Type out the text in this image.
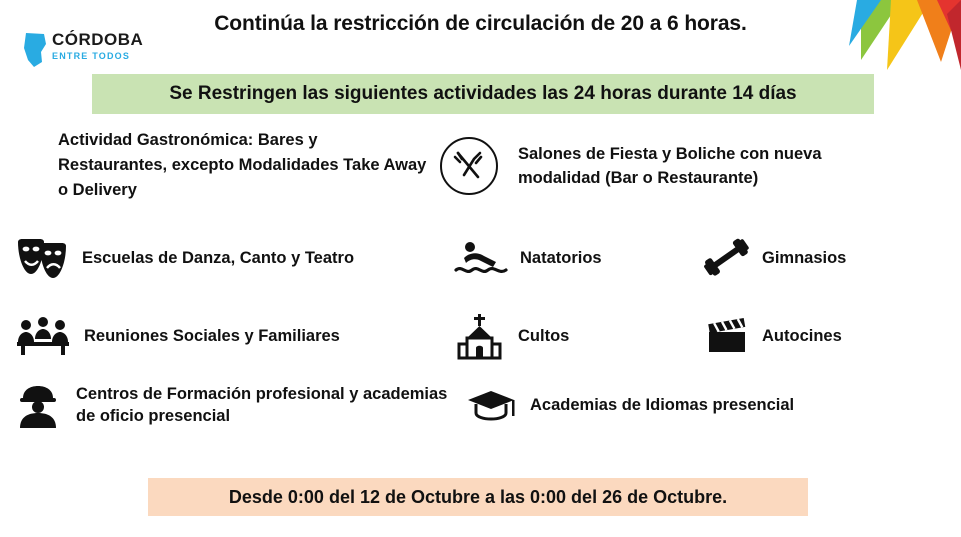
CÓRDOBA
ENTRE TODOS
Continúa la restricción de circulación de 20 a 6 horas.
Se Restringen las siguientes actividades las 24 horas durante 14 días
Actividad Gastronómica: Bares y Restaurantes, excepto Modalidades Take Away o Delivery
Salones de Fiesta y Boliche con nueva modalidad (Bar o Restaurante)
Escuelas de Danza, Canto y Teatro	Natatorios	Gimnasios
Reuniones Sociales y Familiares	Cultos	Autocines
Centros de Formación profesional y academias de oficio presencial
Academias de Idiomas presencial
Desde 0:00 del 12 de Octubre a las 0:00 del 26 de Octubre.
